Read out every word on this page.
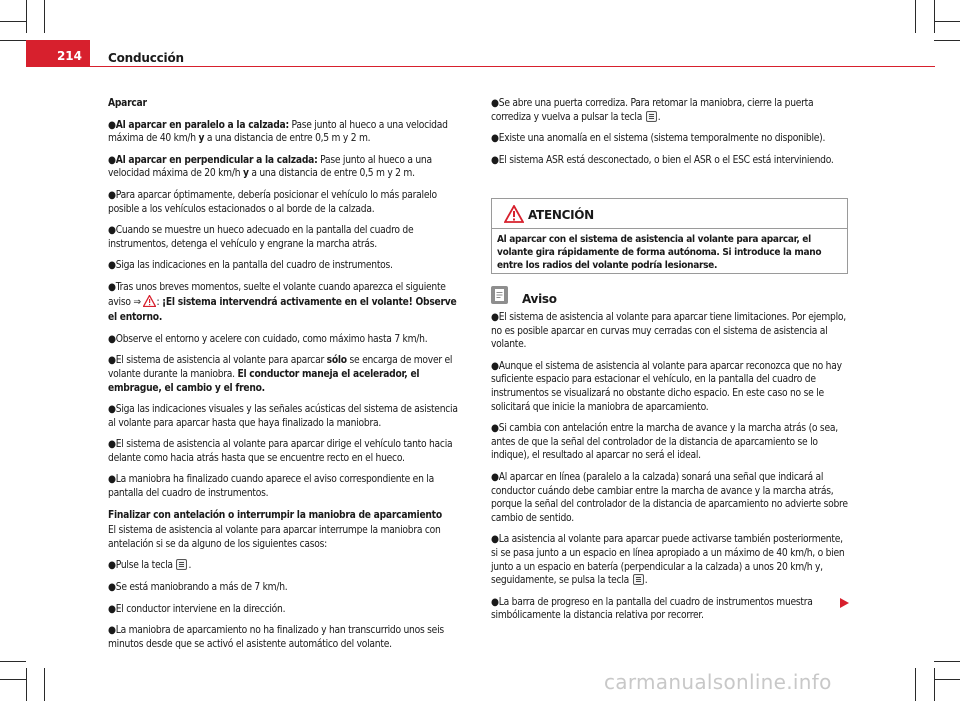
214 Conducción

Aparcar

●Al aparcar en paralelo a la calzada: Pase junto al hueco a una velocidad máxima de 40 km/h y a una distancia de entre 0,5 m y 2 m.

●Al aparcar en perpendicular a la calzada: Pase junto al hueco a una velocidad máxima de 20 km/h y a una distancia de entre 0,5 m y 2 m.

●Para aparcar óptimamente, debería posicionar el vehículo lo más paralelo posible a los vehículos estacionados o al borde de la calzada.

●Cuando se muestre un hueco adecuado en la pantalla del cuadro de instrumentos, detenga el vehículo y engrane la marcha atrás.

●Siga las indicaciones en la pantalla del cuadro de instrumentos.

●Tras unos breves momentos, suelte el volante cuando aparezca el siguiente aviso ⇒ : ¡El sistema intervendrá activamente en el volante! Observe el entorno.

●Observe el entorno y acelere con cuidado, como máximo hasta 7 km/h.

●El sistema de asistencia al volante para aparcar sólo se encarga de mover el volante durante la maniobra. El conductor maneja el acelerador, el embrague, el cambio y el freno.

●Siga las indicaciones visuales y las señales acústicas del sistema de asistencia al volante para aparcar hasta que haya finalizado la maniobra.

●El sistema de asistencia al volante para aparcar dirige el vehículo tanto hacia delante como hacia atrás hasta que se encuentre recto en el hueco.

●La maniobra ha finalizado cuando aparece el aviso correspondiente en la pantalla del cuadro de instrumentos.

Finalizar con antelación o interrumpir la maniobra de aparcamiento

El sistema de asistencia al volante para aparcar interrumpe la maniobra con antelación si se da alguno de los siguientes casos:

●Pulse la tecla .

●Se está maniobrando a más de 7 km/h.

●El conductor interviene en la dirección.

●La maniobra de aparcamiento no ha finalizado y han transcurrido unos seis minutos desde que se activó el asistente automático del volante.

●Se abre una puerta corrediza. Para retomar la maniobra, cierre la puerta corrediza y vuelva a pulsar la tecla .

●Existe una anomalía en el sistema (sistema temporalmente no disponible).

●El sistema ASR está desconectado, o bien el ASR o el ESC está interviniendo.

ATENCIÓN
Al aparcar con el sistema de asistencia al volante para aparcar, el volante gira rápidamente de forma autónoma. Si introduce la mano entre los radios del volante podría lesionarse.
Aviso

●El sistema de asistencia al volante para aparcar tiene limitaciones. Por ejemplo, no es posible aparcar en curvas muy cerradas con el sistema de asistencia al volante.

●Aunque el sistema de asistencia al volante para aparcar reconozca que no hay suficiente espacio para estacionar el vehículo, en la pantalla del cuadro de instrumentos se visualizará no obstante dicho espacio. En este caso no se le solicitará que inicie la maniobra de aparcamiento.

●Si cambia con antelación entre la marcha de avance y la marcha atrás (o sea, antes de que la señal del controlador de la distancia de aparcamiento se lo indique), el resultado al aparcar no será el ideal.

●Al aparcar en línea (paralelo a la calzada) sonará una señal que indicará al conductor cuándo debe cambiar entre la marcha de avance y la marcha atrás, porque la señal del controlador de la distancia de aparcamiento no advierte sobre cambio de sentido.

●La asistencia al volante para aparcar puede activarse también posteriormente, si se pasa junto a un espacio en línea apropiado a un máximo de 40 km/h, o bien junto a un espacio en batería (perpendicular a la calzada) a unos 20 km/h y, seguidamente, se pulsa la tecla .

●La barra de progreso en la pantalla del cuadro de instrumentos muestra simbólicamente la distancia relativa por recorrer.

carmanualsonline.info
